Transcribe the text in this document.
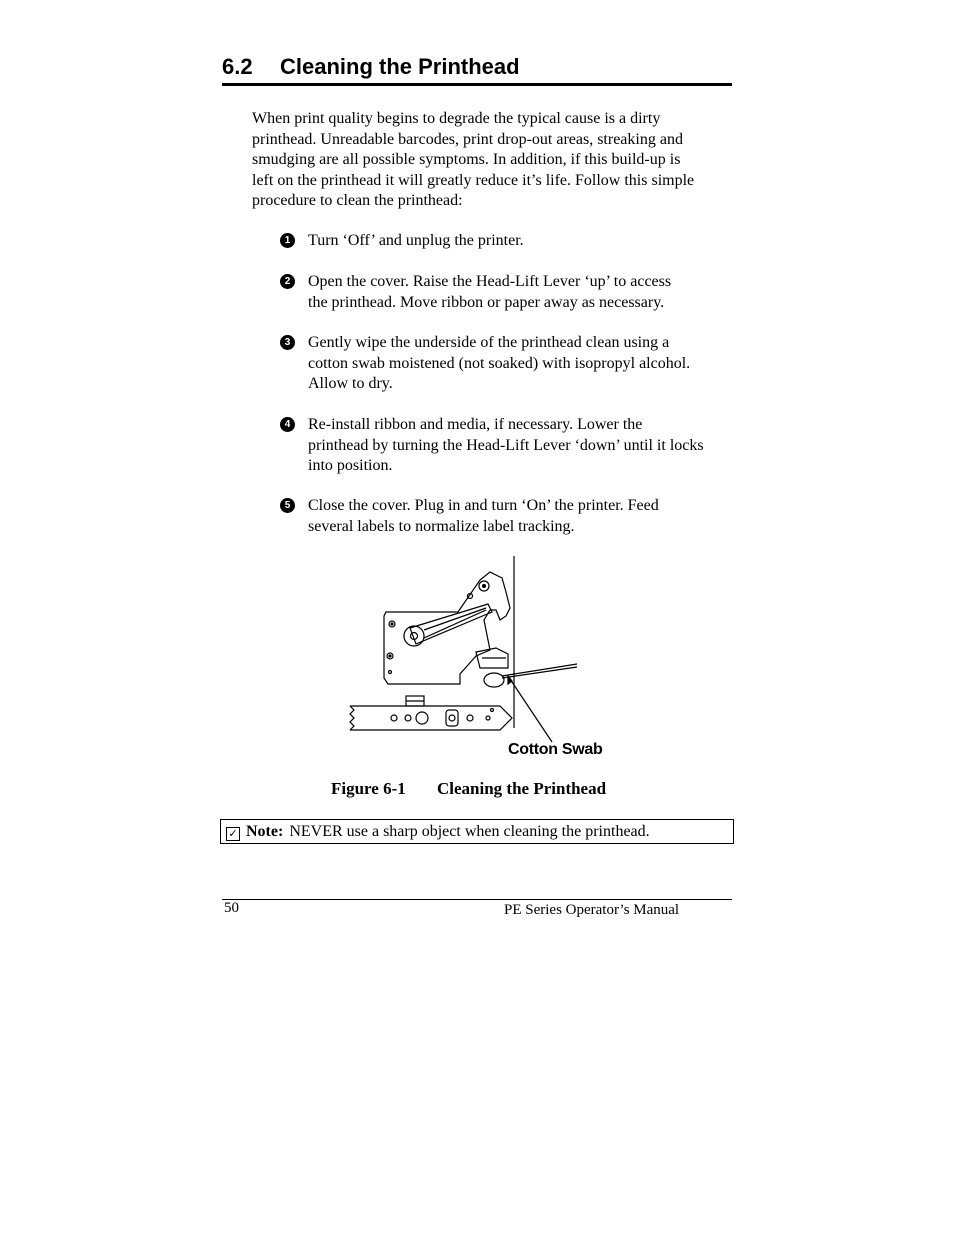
6.2 Cleaning the Printhead
When print quality begins to degrade the typical cause is a dirty
printhead. Unreadable barcodes, print drop-out areas, streaking and
smudging are all possible symptoms. In addition, if this build-up is
left on the printhead it will greatly reduce it’s life. Follow this simple
procedure to clean the printhead:
1 Turn ‘Off’ and unplug the printer.
2 Open the cover. Raise the Head-Lift Lever ‘up’ to access
the printhead. Move ribbon or paper away as necessary.
3 Gently wipe the underside of the printhead clean using a
cotton swab moistened (not soaked) with isopropyl alcohol.
Allow to dry.
4 Re-install ribbon and media, if necessary. Lower the
printhead by turning the Head-Lift Lever ‘down’ until it locks
into position.
5 Close the cover. Plug in and turn ‘On’ the printer. Feed
several labels to normalize label tracking.
Cotton Swab
Figure 6-1 Cleaning the Printhead
✓ Note: NEVER use a sharp object when cleaning the printhead.
50	PE Series Operator’s Manual
